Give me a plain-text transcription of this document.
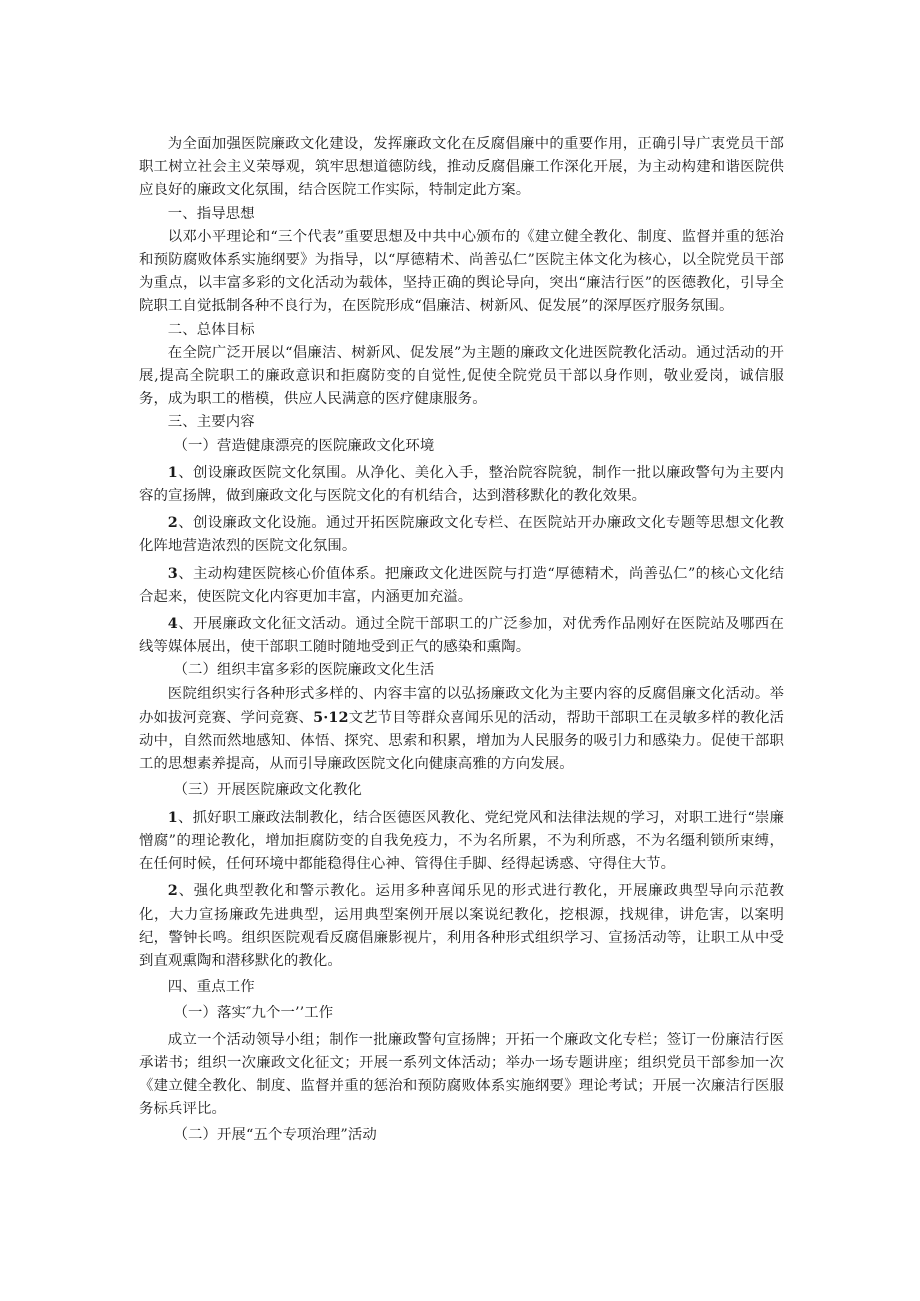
为全面加强医院廉政文化建设，发挥廉政文化在反腐倡廉中的重要作用，正确引导广衷党员干部职工树立社会主义荣辱观，筑牢思想道德防线，推动反腐倡廉工作深化开展，为主动构建和谐医院供应良好的廉政文化氛围，结合医院工作实际，特制定此方案。

一、指导思想

以邓小平理论和“三个代表”重要思想及中共中心颁布的《建立健全教化、制度、监督并重的惩治和预防腐败体系实施纲要》为指导，以“厚德精术、尚善弘仁”医院主体文化为核心，以全院党员干部为重点，以丰富多彩的文化活动为载体，坚持正确的舆论导向，突出“廉洁行医”的医德教化，引导全院职工自觉抵制各种不良行为，在医院形成“倡廉洁、树新风、促发展”的深厚医疗服务氛围。

二、总体目标

在全院广泛开展以“倡廉洁、树新风、促发展”为主题的廉政文化进医院教化活动。通过活动的开展,提高全院职工的廉政意识和拒腐防变的自觉性,促使全院党员干部以身作则，敬业爱岗，诚信服务，成为职工的楷模，供应人民满意的医疗健康服务。

三、主要内容

（一）营造健康漂亮的医院廉政文化环境

1、创设廉政医院文化氛围。从净化、美化入手，整治院容院貌，制作一批以廉政警句为主要内容的宣扬牌，做到廉政文化与医院文化的有机结合，达到潜移默化的教化效果。

2、创设廉政文化设施。通过开拓医院廉政文化专栏、在医院站开办廉政文化专题等思想文化教化阵地营造浓烈的医院文化氛围。

3、主动构建医院核心价值体系。把廉政文化进医院与打造“厚德精术，尚善弘仁”的核心文化结合起来，使医院文化内容更加丰富，内涵更加充溢。

4、开展廉政文化征文活动。通过全院干部职工的广泛参加，对优秀作品刚好在医院站及哪西在线等媒体展出，使干部职工随时随地受到正气的感染和熏陶。

（二）组织丰富多彩的医院廉政文化生活

医院组织实行各种形式多样的、内容丰富的以弘扬廉政文化为主要内容的反腐倡廉文化活动。举办如拔河竞赛、学问竞赛、5·12文艺节目等群众喜闻乐见的活动，帮助干部职工在灵敏多样的教化活动中，自然而然地感知、体悟、探究、思索和积累，增加为人民服务的吸引力和感染力。促使干部职工的思想素养提高，从而引导廉政医院文化向健康高雅的方向发展。

（三）开展医院廉政文化教化

1、抓好职工廉政法制教化，结合医德医风教化、党纪党风和法律法规的学习，对职工进行“崇廉憎腐”的理论教化，增加拒腐防变的自我免疫力，不为名所累，不为利所惑，不为名缰利锁所束缚，在任何时候，任何环境中都能稳得住心神、管得住手脚、经得起诱惑、守得住大节。

2、强化典型教化和警示教化。运用多种喜闻乐见的形式进行教化，开展廉政典型导向示范教化，大力宣扬廉政先进典型，运用典型案例开展以案说纪教化，挖根源，找规律，讲危害，以案明纪，警钟长鸣。组织医院观看反腐倡廉影视片，利用各种形式组织学习、宣扬活动等，让职工从中受到直观熏陶和潜移默化的教化。

四、重点工作

（一）落实″九个一’’工作

成立一个活动领导小组；制作一批廉政警句宣扬牌；开拓一个廉政文化专栏；签订一份廉洁行医承诺书；组织一次廉政文化征文；开展一系列文体活动；举办一场专题讲座；组织党员干部参加一次《建立健全教化、制度、监督并重的惩治和预防腐败体系实施纲要》理论考试；开展一次廉洁行医服务标兵评比。

（二）开展“五个专项治理”活动
